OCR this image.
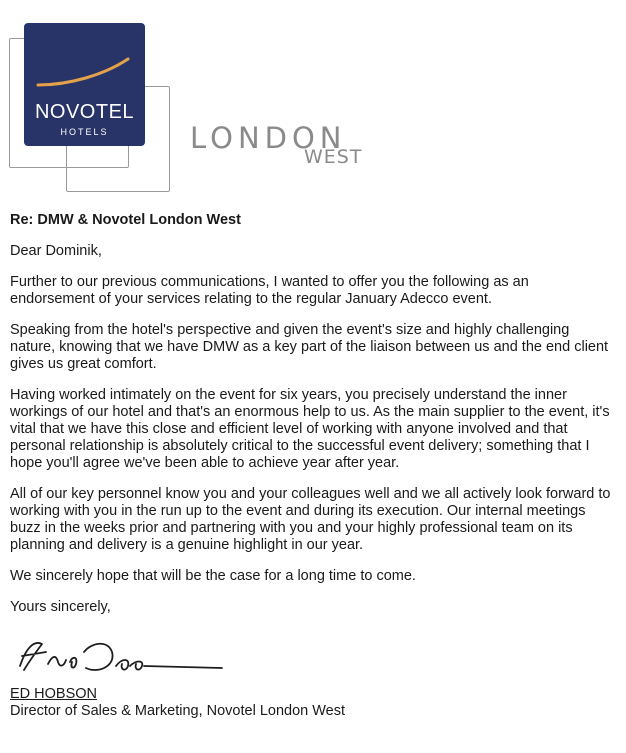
NOVOTEL
HOTELS	LONDON
WEST

Re: DMW & Novotel London West

Dear Dominik,

Further to our previous communications, I wanted to offer you the following as an endorsement of your services relating to the regular January Adecco event.

Speaking from the hotel's perspective and given the event's size and highly challenging nature, knowing that we have DMW as a key part of the liaison between us and the end client gives us great comfort.

Having worked intimately on the event for six years, you precisely understand the inner workings of our hotel and that's an enormous help to us. As the main supplier to the event, it's vital that we have this close and efficient level of working with anyone involved and that personal relationship is absolutely critical to the successful event delivery; something that I hope you'll agree we've been able to achieve year after year.

All of our key personnel know you and your colleagues well and we all actively look forward to working with you in the run up to the event and during its execution. Our internal meetings buzz in the weeks prior and partnering with you and your highly professional team on its planning and delivery is a genuine highlight in our year.

We sincerely hope that will be the case for a long time to come.

Yours sincerely,

ED HOBSON

Director of Sales & Marketing, Novotel London West
